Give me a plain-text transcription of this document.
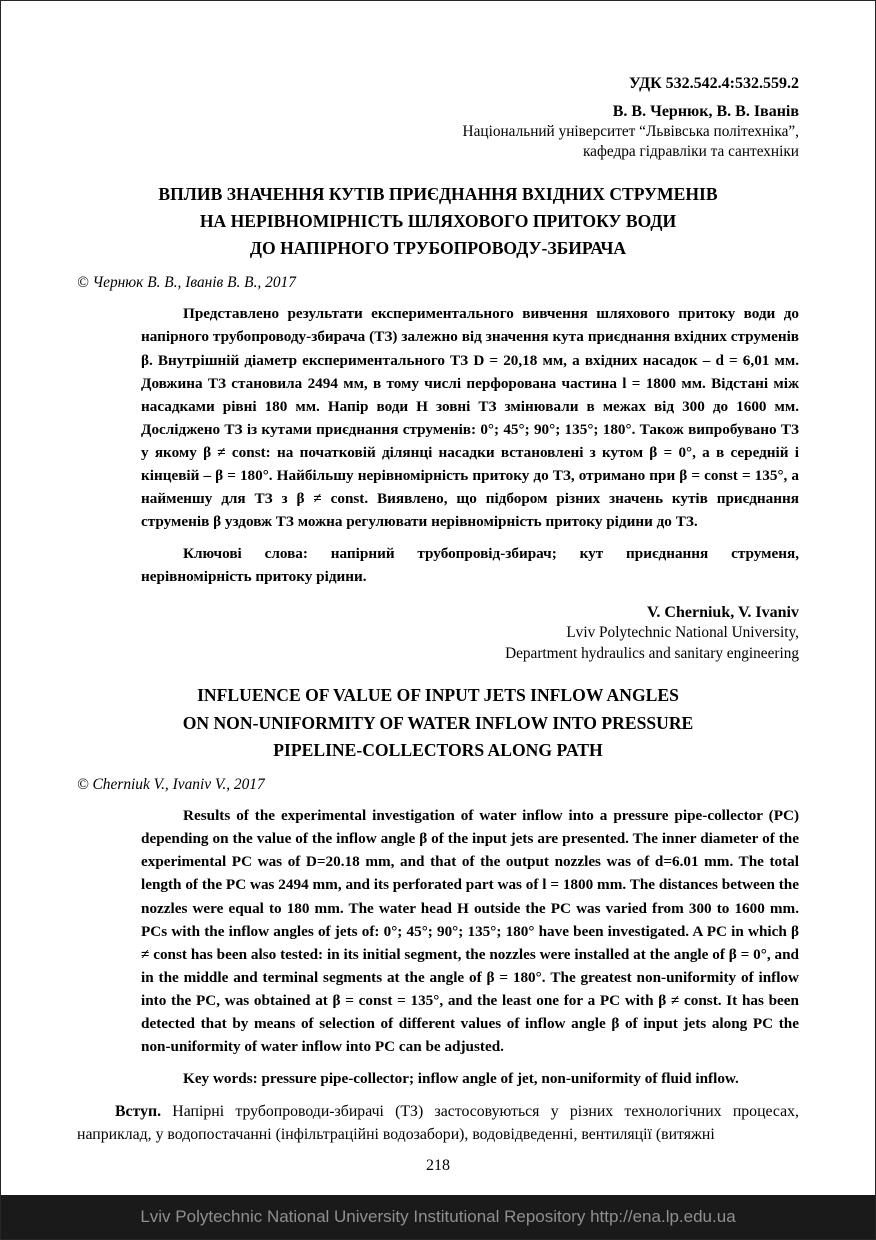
УДК 532.542.4:532.559.2

В. В. Чернюк, В. В. Іванів

Національний університет “Львівська політехніка”,

кафедра гідравліки та сантехніки

ВПЛИВ ЗНАЧЕННЯ КУТІВ ПРИЄДНАННЯ ВХІДНИХ СТРУМЕНІВ
НА НЕРІВНОМІРНІСТЬ ШЛЯХОВОГО ПРИТОКУ ВОДИ
ДО НАПІРНОГО ТРУБОПРОВОДУ-ЗБИРАЧА

© Чернюк В. В., Іванів В. В., 2017

Представлено результати експериментального вивчення шляхового притоку води до напірного трубопроводу-збирача (ТЗ) залежно від значення кута приєднання вхідних струменів β. Внутрішній діаметр експериментального ТЗ D = 20,18 мм, а вхідних насадок – d = 6,01 мм. Довжина ТЗ становила 2494 мм, в тому числі перфорована частина l = 1800 мм. Відстані між насадками рівні 180 мм. Напір води H зовні ТЗ змінювали в межах від 300 до 1600 мм. Досліджено ТЗ із кутами приєднання струменів: 0°; 45°; 90°; 135°; 180°. Також випробувано ТЗ у якому β ≠ const: на початковій ділянці насадки встановлені з кутом β = 0°, а в середній і кінцевій – β = 180°. Найбільшу нерівномірність притоку до ТЗ, отримано при β = const = 135°, а найменшу для ТЗ з β ≠ const. Виявлено, що підбором різних значень кутів приєднання струменів β уздовж ТЗ можна регулювати нерівномірність притоку рідини до ТЗ.

Ключові слова: напірний трубопровід-збирач; кут приєднання струменя, нерівномірність притоку рідини.

V. Cherniuk, V. Ivaniv

Lviv Polytechnic National University,

Department hydraulics and sanitary engineering

INFLUENCE OF VALUE OF INPUT JETS INFLOW ANGLES
ON NON-UNIFORMITY OF WATER INFLOW INTO PRESSURE
PIPELINE-COLLECTORS ALONG PATH

© Cherniuk V., Ivaniv V., 2017

Results of the experimental investigation of water inflow into a pressure pipe-collector (PC) depending on the value of the inflow angle β of the input jets are presented. The inner diameter of the experimental PC was of D=20.18 mm, and that of the output nozzles was of d=6.01 mm. The total length of the PC was 2494 mm, and its perforated part was of l = 1800 mm. The distances between the nozzles were equal to 180 mm. The water head H outside the PC was varied from 300 to 1600 mm. PCs with the inflow angles of jets of: 0°; 45°; 90°; 135°; 180° have been investigated. A PC in which β ≠ const has been also tested: in its initial segment, the nozzles were installed at the angle of β = 0°, and in the middle and terminal segments at the angle of β = 180°. The greatest non-uniformity of inflow into the PC, was obtained at β = const = 135°, and the least one for a PC with β ≠ const. It has been detected that by means of selection of different values of inflow angle β of input jets along PC the non-uniformity of water inflow into PC can be adjusted.

Key words: pressure pipe-collector; inflow angle of jet, non-uniformity of fluid inflow.

Вступ. Напірні трубопроводи-збирачі (ТЗ) застосовуються у різних технологічних процесах, наприклад, у водопостачанні (інфільтраційні водозабори), водовідведенні, вентиляції (витяжні

218
Lviv Polytechnic National University Institutional Repository http://ena.lp.edu.ua
